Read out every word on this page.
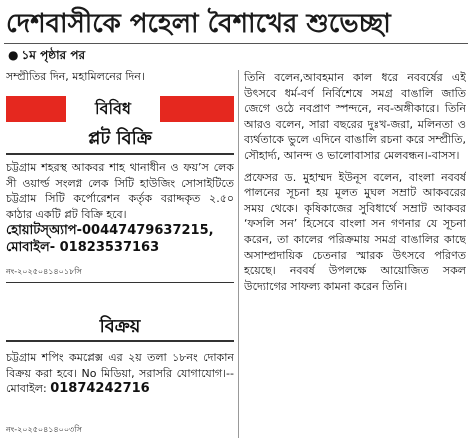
দেশবাসীকে পহেলা বৈশাখের শুভেচ্ছা
● ১ম পৃষ্ঠার পর
সম্প্রীতির দিন, মহামিলনের দিন।
বিবিধ
প্লট বিক্রি
চট্টগ্রাম শহরস্থ আকবর শাহ থানাধীন ও ফয়’স লেক সী ওয়ার্ল্ড সংলগ্ন লেক সিটি হাউজিং সোসাইটিতে চট্টগ্রাম সিটি কর্পোরেশন কর্তৃক বরাদ্দকৃত ২.৫০ কাঠার একটি প্লট বিক্রি হবে।
হোয়াটস্‌অ্যাপ-00447479637215,
মোবাইল- 01823537163
নং-২০২৫০৪১৪০১৮সি
বিক্রয়
চট্টগ্রাম শপিং কমপ্লেক্স এর ২য় তলা ১৮নং দোকান বিক্রয় করা হবে। No মিডিয়া, সরাসরি যোগাযোগ।-- মোবাইল: 01874242716
নং-২০২৫০৪১৪০০৩সি

তিনি বলেন,আবহমান কাল ধরে নববর্ষের এই উৎসবে ধর্ম-বর্ণ নির্বিশেষে সমগ্র বাঙালি জাতি জেগে ওঠে নবপ্রাণ স্পন্দনে, নব-অঙ্গীকারে। তিনি আরও বলেন, সারা বছরের দুঃখ-জরা, মলিনতা ও ব্যর্থতাকে ভুলে এদিনে বাঙালি রচনা করে সম্প্রীতি, সৌহার্দ্য, আনন্দ ও ভালোবাসার মেলবন্ধন।-বাসস।

প্রফেসর ড. মুহাম্মদ ইউনূস বলেন, বাংলা নববর্ষ পালনের সূচনা হয় মূলত মুঘল সম্রাট আকবরের সময় থেকে। কৃষিকাজের সুবিধার্থে সম্রাট আকবর ‘ফসলি সন’ হিসেবে বাংলা সন গণনার যে সূচনা করেন, তা কালের পরিক্রমায় সমগ্র বাঙালির কাছে অসাম্প্রদায়িক চেতনার স্মারক উৎসবে পরিণত হয়েছে। নববর্ষ উপলক্ষে আয়োজিত সকল উদ্যোগের সাফল্য কামনা করেন তিনি।
